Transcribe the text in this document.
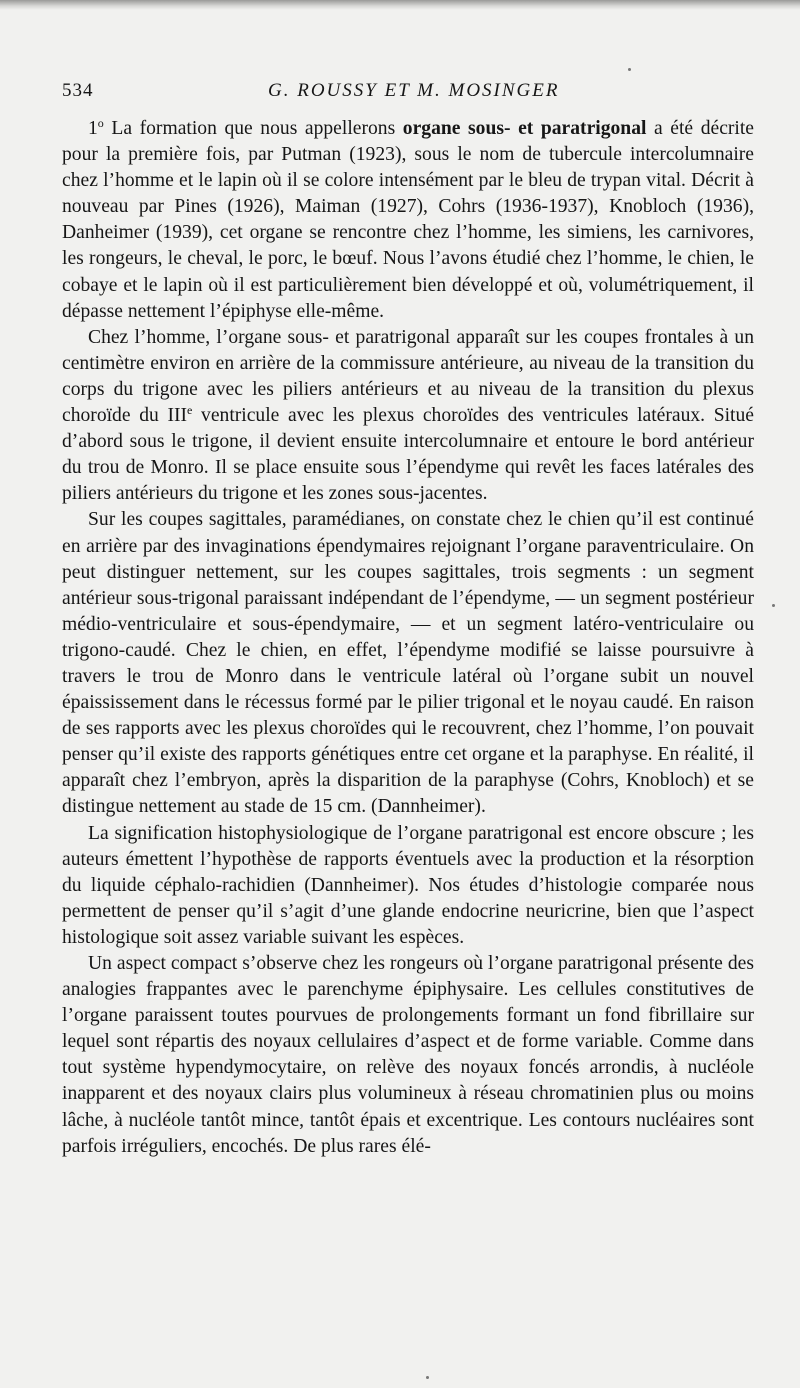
534	G. ROUSSY ET M. MOSINGER

1$^o$ La formation que nous appellerons organe sous- et paratrigonal a été décrite pour la première fois, par Putman (1923), sous le nom de tubercule intercolumnaire chez l’homme et le lapin où il se colore intensément par le bleu de trypan vital. Décrit à nouveau par Pines (1926), Maiman (1927), Cohrs (1936-1937), Knobloch (1936), Danheimer (1939), cet organe se rencontre chez l’homme, les simiens, les carnivores, les rongeurs, le cheval, le porc, le bœuf. Nous l’avons étudié chez l’homme, le chien, le cobaye et le lapin où il est particulièrement bien développé et où, volumétriquement, il dépasse nettement l’épiphyse elle-même.

Chez l’homme, l’organe sous- et paratrigonal apparaît sur les coupes frontales à un centimètre environ en arrière de la commissure antérieure, au niveau de la transition du corps du trigone avec les piliers antérieurs et au niveau de la transition du plexus choroïde du IIIe ventricule avec les plexus choroïdes des ventricules latéraux. Situé d’abord sous le trigone, il devient ensuite intercolumnaire et entoure le bord antérieur du trou de Monro. Il se place ensuite sous l’épendyme qui revêt les faces latérales des piliers antérieurs du trigone et les zones sous-jacentes.

Sur les coupes sagittales, paramédianes, on constate chez le chien qu’il est continué en arrière par des invaginations épendymaires rejoignant l’organe paraventriculaire. On peut distinguer nettement, sur les coupes sagittales, trois segments : un segment antérieur sous-trigonal paraissant indépendant de l’épendyme, — un segment postérieur médio-ventriculaire et sous-épendymaire, — et un segment latéro-ventriculaire ou trigono-caudé. Chez le chien, en effet, l’épendyme modifié se laisse poursuivre à travers le trou de Monro dans le ventricule latéral où l’organe subit un nouvel épaississement dans le récessus formé par le pilier trigonal et le noyau caudé. En raison de ses rapports avec les plexus choroïdes qui le recouvrent, chez l’homme, l’on pouvait penser qu’il existe des rapports génétiques entre cet organe et la paraphyse. En réalité, il apparaît chez l’embryon, après la disparition de la paraphyse (Cohrs, Knobloch) et se distingue nettement au stade de 15 cm. (Dannheimer).

La signification histophysiologique de l’organe paratrigonal est encore obscure ; les auteurs émettent l’hypothèse de rapports éventuels avec la production et la résorption du liquide céphalo-rachidien (Dannheimer). Nos études d’histologie comparée nous permettent de penser qu’il s’agit d’une glande endocrine neuricrine, bien que l’aspect histologique soit assez variable suivant les espèces.

Un aspect compact s’observe chez les rongeurs où l’organe paratrigonal présente des analogies frappantes avec le parenchyme épiphysaire. Les cellules constitutives de l’organe paraissent toutes pourvues de prolongements formant un fond fibrillaire sur lequel sont répartis des noyaux cellulaires d’aspect et de forme variable. Comme dans tout système hypendymocytaire, on relève des noyaux foncés arrondis, à nucléole inapparent et des noyaux clairs plus volumineux à réseau chromatinien plus ou moins lâche, à nucléole tantôt mince, tantôt épais et excentrique. Les contours nucléaires sont parfois irréguliers, encochés. De plus rares élé-
